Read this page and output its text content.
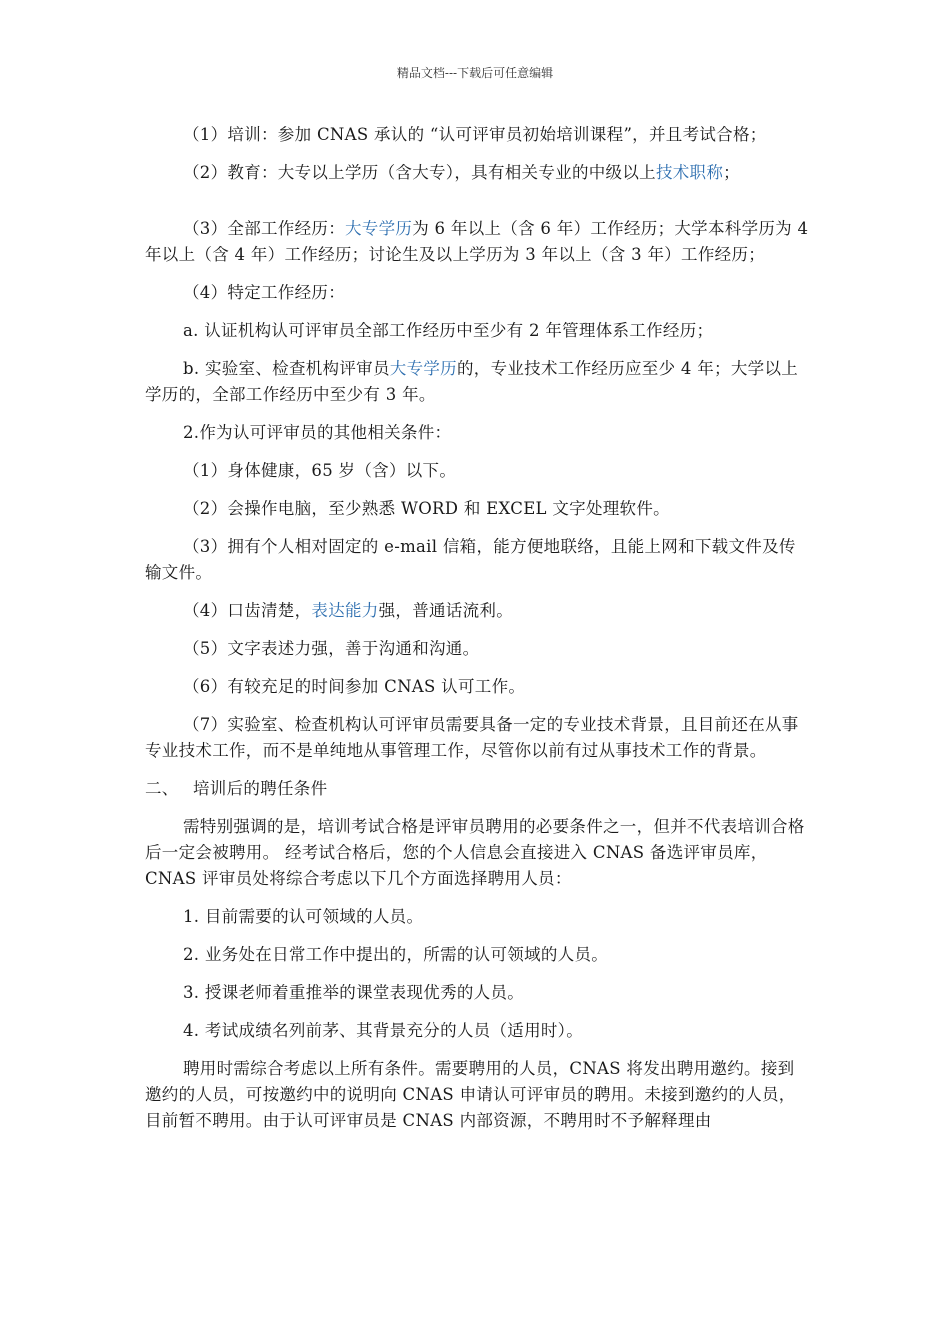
精品文档---下载后可任意编辑

（1）培训：参加 CNAS 承认的 “认可评审员初始培训课程”，并且考试合格；

（2）教育：大专以上学历（含大专），具有相关专业的中级以上技术职称；

（3）全部工作经历：大专学历为 6 年以上（含 6 年）工作经历；大学本科学历为 4 年以上（含 4 年）工作经历；讨论生及以上学历为 3 年以上（含 3 年）工作经历；

（4）特定工作经历：

a. 认证机构认可评审员全部工作经历中至少有 2 年管理体系工作经历；

b. 实验室、检查机构评审员大专学历的，专业技术工作经历应至少 4 年；大学以上学历的，全部工作经历中至少有 3 年。

2.作为认可评审员的其他相关条件：

（1）身体健康，65 岁（含）以下。

（2）会操作电脑，至少熟悉 WORD 和 EXCEL 文字处理软件。

（3）拥有个人相对固定的 e-mail 信箱，能方便地联络，且能上网和下载文件及传输文件。

（4）口齿清楚，表达能力强，普通话流利。

（5）文字表述力强，善于沟通和沟通。

（6）有较充足的时间参加 CNAS 认可工作。

（7）实验室、检查机构认可评审员需要具备一定的专业技术背景，且目前还在从事专业技术工作，而不是单纯地从事管理工作，尽管你以前有过从事技术工作的背景。

二、 培训后的聘任条件

需特别强调的是，培训考试合格是评审员聘用的必要条件之一，但并不代表培训合格后一定会被聘用。 经考试合格后，您的个人信息会直接进入 CNAS 备选评审员库，CNAS 评审员处将综合考虑以下几个方面选择聘用人员：

1. 目前需要的认可领域的人员。

2. 业务处在日常工作中提出的，所需的认可领域的人员。

3. 授课老师着重推举的课堂表现优秀的人员。

4. 考试成绩名列前茅、其背景充分的人员（适用时）。

聘用时需综合考虑以上所有条件。需要聘用的人员，CNAS 将发出聘用邀约。接到邀约的人员，可按邀约中的说明向 CNAS 申请认可评审员的聘用。未接到邀约的人员，目前暂不聘用。由于认可评审员是 CNAS 内部资源，不聘用时不予解释理由
